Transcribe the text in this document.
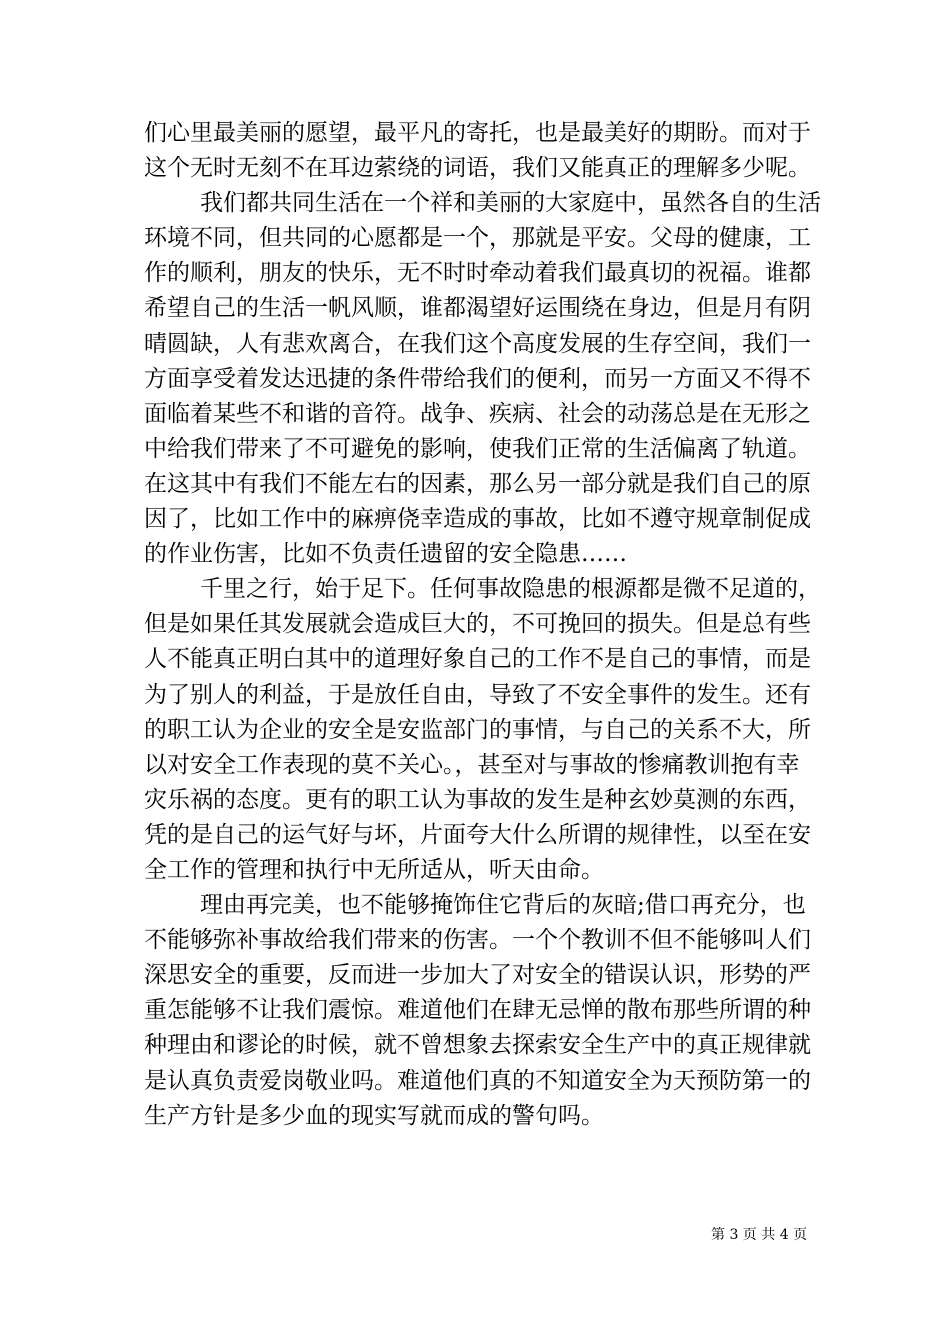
们心里最美丽的愿望，最平凡的寄托，也是最美好的期盼。而对于
这个无时无刻不在耳边萦绕的词语，我们又能真正的理解多少呢。
我们都共同生活在一个祥和美丽的大家庭中，虽然各自的生活
环境不同，但共同的心愿都是一个，那就是平安。父母的健康，工
作的顺利，朋友的快乐，无不时时牵动着我们最真切的祝福。谁都
希望自己的生活一帆风顺，谁都渴望好运围绕在身边，但是月有阴
晴圆缺，人有悲欢离合，在我们这个高度发展的生存空间，我们一
方面享受着发达迅捷的条件带给我们的便利，而另一方面又不得不
面临着某些不和谐的音符。战争、疾病、社会的动荡总是在无形之
中给我们带来了不可避免的影响，使我们正常的生活偏离了轨道。
在这其中有我们不能左右的因素，那么另一部分就是我们自己的原
因了，比如工作中的麻痹侥幸造成的事故，比如不遵守规章制促成
的作业伤害，比如不负责任遗留的安全隐患……
千里之行，始于足下。任何事故隐患的根源都是微不足道的，
但是如果任其发展就会造成巨大的，不可挽回的损失。但是总有些
人不能真正明白其中的道理好象自己的工作不是自己的事情，而是
为了别人的利益，于是放任自由，导致了不安全事件的发生。还有
的职工认为企业的安全是安监部门的事情，与自己的关系不大，所
以对安全工作表现的莫不关心。，甚至对与事故的惨痛教训抱有幸
灾乐祸的态度。更有的职工认为事故的发生是种玄妙莫测的东西，
凭的是自己的运气好与坏，片面夸大什么所谓的规律性，以至在安
全工作的管理和执行中无所适从，听天由命。
理由再完美，也不能够掩饰住它背后的灰暗;借口再充分，也
不能够弥补事故给我们带来的伤害。一个个教训不但不能够叫人们
深思安全的重要，反而进一步加大了对安全的错误认识，形势的严
重怎能够不让我们震惊。难道他们在肆无忌惮的散布那些所谓的种
种理由和谬论的时候，就不曾想象去探索安全生产中的真正规律就
是认真负责爱岗敬业吗。难道他们真的不知道安全为天预防第一的
生产方针是多少血的现实写就而成的警句吗。
第 3 页 共 4 页
